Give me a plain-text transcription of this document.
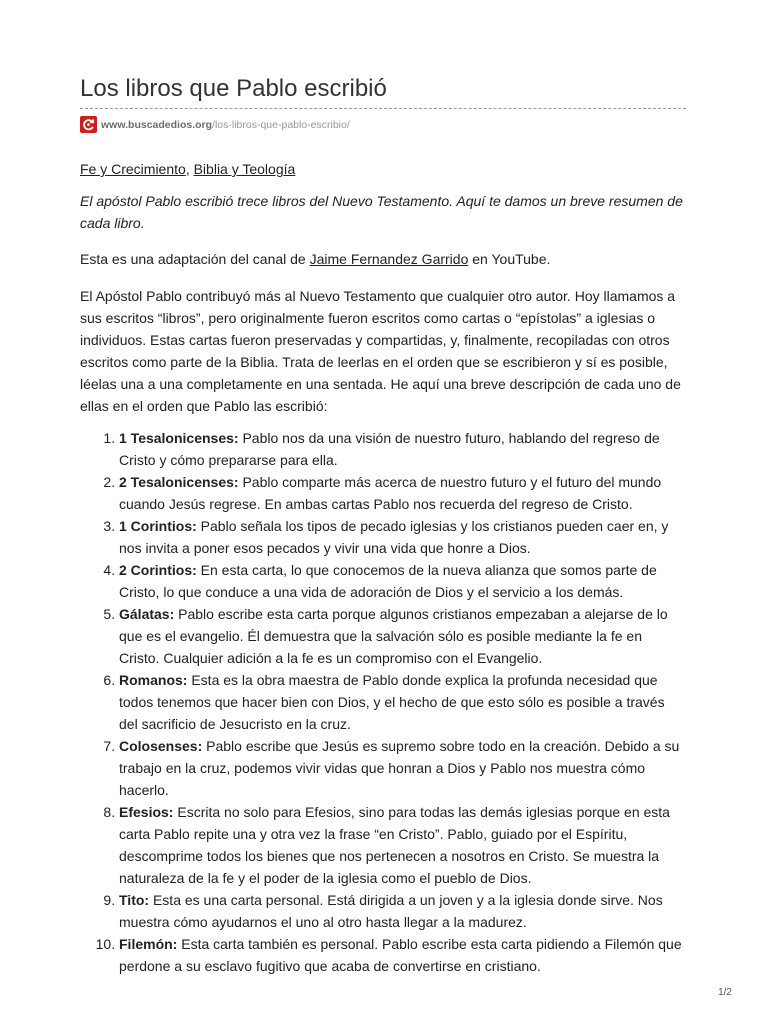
Los libros que Pablo escribió
www.buscadedios.org /los-libros-que-pablo-escribio/
Fe y Crecimiento, Biblia y Teología

El apóstol Pablo escribió trece libros del Nuevo Testamento. Aquí te damos un breve resumen de cada libro.

Esta es una adaptación del canal de Jaime Fernandez Garrido en YouTube.

El Apóstol Pablo contribuyó más al Nuevo Testamento que cualquier otro autor. Hoy llamamos a sus escritos “libros”, pero originalmente fueron escritos como cartas o “epístolas” a iglesias o individuos. Estas cartas fueron preservadas y compartidas, y, finalmente, recopiladas con otros escritos como parte de la Biblia. Trata de leerlas en el orden que se escribieron y sí es posible, léelas una a una completamente en una sentada. He aquí una breve descripción de cada uno de ellas en el orden que Pablo las escribió:

1. 1 Tesalonicenses: Pablo nos da una visión de nuestro futuro, hablando del regreso de Cristo y cómo prepararse para ella.
2. 2 Tesalonicenses: Pablo comparte más acerca de nuestro futuro y el futuro del mundo cuando Jesús regrese. En ambas cartas Pablo nos recuerda del regreso de Cristo.
3. 1 Corintios: Pablo señala los tipos de pecado iglesias y los cristianos pueden caer en, y nos invita a poner esos pecados y vivir una vida que honre a Dios.
4. 2 Corintios: En esta carta, lo que conocemos de la nueva alianza que somos parte de Cristo, lo que conduce a una vida de adoración de Dios y el servicio a los demás.
5. Gálatas: Pablo escribe esta carta porque algunos cristianos empezaban a alejarse de lo que es el evangelio. Él demuestra que la salvación sólo es posible mediante la fe en Cristo. Cualquier adición a la fe es un compromiso con el Evangelio.
6. Romanos: Esta es la obra maestra de Pablo donde explica la profunda necesidad que todos tenemos que hacer bien con Dios, y el hecho de que esto sólo es posible a través del sacrificio de Jesucristo en la cruz.
7. Colosenses: Pablo escribe que Jesús es supremo sobre todo en la creación. Debido a su trabajo en la cruz, podemos vivir vidas que honran a Dios y Pablo nos muestra cómo hacerlo.
8. Efesios: Escrita no solo para Efesios, sino para todas las demás iglesias porque en esta carta Pablo repite una y otra vez la frase “en Cristo”. Pablo, guiado por el Espíritu, descomprime todos los bienes que nos pertenecen a nosotros en Cristo. Se muestra la naturaleza de la fe y el poder de la iglesia como el pueblo de Dios.
9. Tito: Esta es una carta personal. Está dirigida a un joven y a la iglesia donde sirve. Nos muestra cómo ayudarnos el uno al otro hasta llegar a la madurez.
10. Filemón: Esta carta también es personal. Pablo escribe esta carta pidiendo a Filemón que perdone a su esclavo fugitivo que acaba de convertirse en cristiano.
1/2
